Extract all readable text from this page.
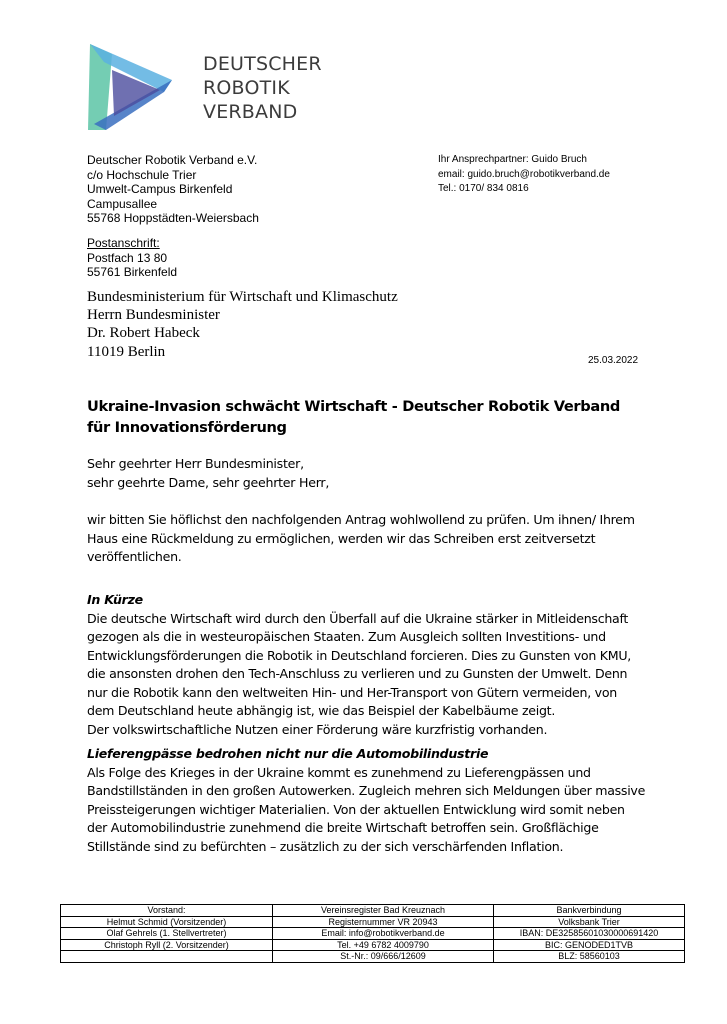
DEUTSCHER
ROBOTIK
VERBAND
Deutscher Robotik Verband e.V.
c/o Hochschule Trier
Umwelt-Campus Birkenfeld
Campusallee
55768 Hoppstädten-Weiersbach
Postanschrift:
Postfach 13 80
55761 Birkenfeld
Ihr Ansprechpartner: Guido Bruch
email: guido.bruch@robotikverband.de
Tel.: 0170/ 834 0816
Bundesministerium für Wirtschaft und Klimaschutz
Herrn Bundesminister
Dr. Robert Habeck
11019 Berlin
25.03.2022
Ukraine-Invasion schwächt Wirtschaft - Deutscher Robotik Verband für Innovationsförderung
Sehr geehrter Herr Bundesminister,
sehr geehrte Dame, sehr geehrter Herr,
wir bitten Sie höflichst den nachfolgenden Antrag wohlwollend zu prüfen. Um ihnen/ Ihrem
Haus eine Rückmeldung zu ermöglichen, werden wir das Schreiben erst zeitversetzt
veröffentlichen.
In Kürze
Die deutsche Wirtschaft wird durch den Überfall auf die Ukraine stärker in Mitleidenschaft
gezogen als die in westeuropäischen Staaten. Zum Ausgleich sollten Investitions- und
Entwicklungsförderungen die Robotik in Deutschland forcieren. Dies zu Gunsten von KMU,
die ansonsten drohen den Tech-Anschluss zu verlieren und zu Gunsten der Umwelt. Denn
nur die Robotik kann den weltweiten Hin- und Her-Transport von Gütern vermeiden, von
dem Deutschland heute abhängig ist, wie das Beispiel der Kabelbäume zeigt.
Der volkswirtschaftliche Nutzen einer Förderung wäre kurzfristig vorhanden.
Lieferengpässe bedrohen nicht nur die Automobilindustrie
Als Folge des Krieges in der Ukraine kommt es zunehmend zu Lieferengpässen und
Bandstillständen in den großen Autowerken. Zugleich mehren sich Meldungen über massive
Preissteigerungen wichtiger Materialien. Von der aktuellen Entwicklung wird somit neben
der Automobilindustrie zunehmend die breite Wirtschaft betroffen sein. Großflächige
Stillstände sind zu befürchten – zusätzlich zu der sich verschärfenden Inflation.
Vorstand:	Vereinsregister Bad Kreuznach	Bankverbindung
Helmut Schmid (Vorsitzender)	Registernummer VR 20943	Volksbank Trier
Olaf Gehrels (1. Stellvertreter)	Email: info@robotikverband.de	IBAN: DE32585601030000691420
Christoph Ryll (2. Vorsitzender)	Tel. +49 6782 4009790	BIC: GENODED1TVB
	St.-Nr.: 09/666/12609	BLZ: 58560103
